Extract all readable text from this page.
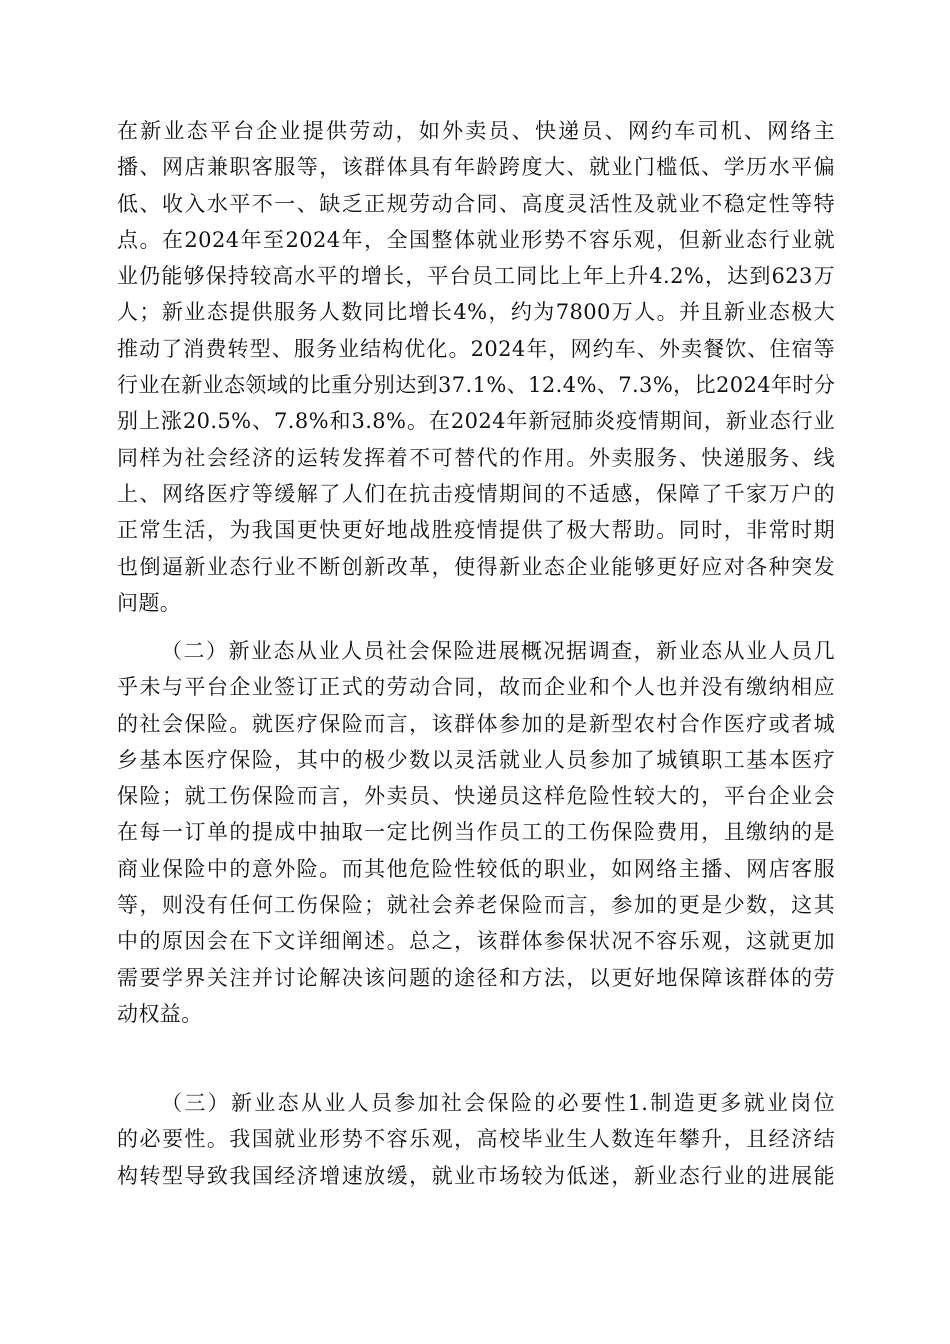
在新业态平台企业提供劳动，如外卖员、快递员、网约车司机、网络主
播、网店兼职客服等，该群体具有年龄跨度大、就业门槛低、学历水平偏
低、收入水平不一、缺乏正规劳动合同、高度灵活性及就业不稳定性等特
点。在2024年至2024年，全国整体就业形势不容乐观，但新业态行业就
业仍能够保持较高水平的增长，平台员工同比上年上升4.2%，达到623万
人；新业态提供服务人数同比增长4%，约为7800万人。并且新业态极大
推动了消费转型、服务业结构优化。2024年，网约车、外卖餐饮、住宿等
行业在新业态领域的比重分别达到37.1%、12.4%、7.3%，比2024年时分
别上涨20.5%、7.8%和3.8%。在2024年新冠肺炎疫情期间，新业态行业
同样为社会经济的运转发挥着不可替代的作用。外卖服务、快递服务、线
上、网络医疗等缓解了人们在抗击疫情期间的不适感，保障了千家万户的
正常生活，为我国更快更好地战胜疫情提供了极大帮助。同时，非常时期
也倒逼新业态行业不断创新改革，使得新业态企业能够更好应对各种突发
问题。

（二）新业态从业人员社会保险进展概况据调查，新业态从业人员几
乎未与平台企业签订正式的劳动合同，故而企业和个人也并没有缴纳相应
的社会保险。就医疗保险而言，该群体参加的是新型农村合作医疗或者城
乡基本医疗保险，其中的极少数以灵活就业人员参加了城镇职工基本医疗
保险；就工伤保险而言，外卖员、快递员这样危险性较大的，平台企业会
在每一订单的提成中抽取一定比例当作员工的工伤保险费用，且缴纳的是
商业保险中的意外险。而其他危险性较低的职业，如网络主播、网店客服
等，则没有任何工伤保险；就社会养老保险而言，参加的更是少数，这其
中的原因会在下文详细阐述。总之，该群体参保状况不容乐观，这就更加
需要学界关注并讨论解决该问题的途径和方法，以更好地保障该群体的劳
动权益。

（三）新业态从业人员参加社会保险的必要性1.制造更多就业岗位
的必要性。我国就业形势不容乐观，高校毕业生人数连年攀升，且经济结
构转型导致我国经济增速放缓，就业市场较为低迷，新业态行业的进展能
